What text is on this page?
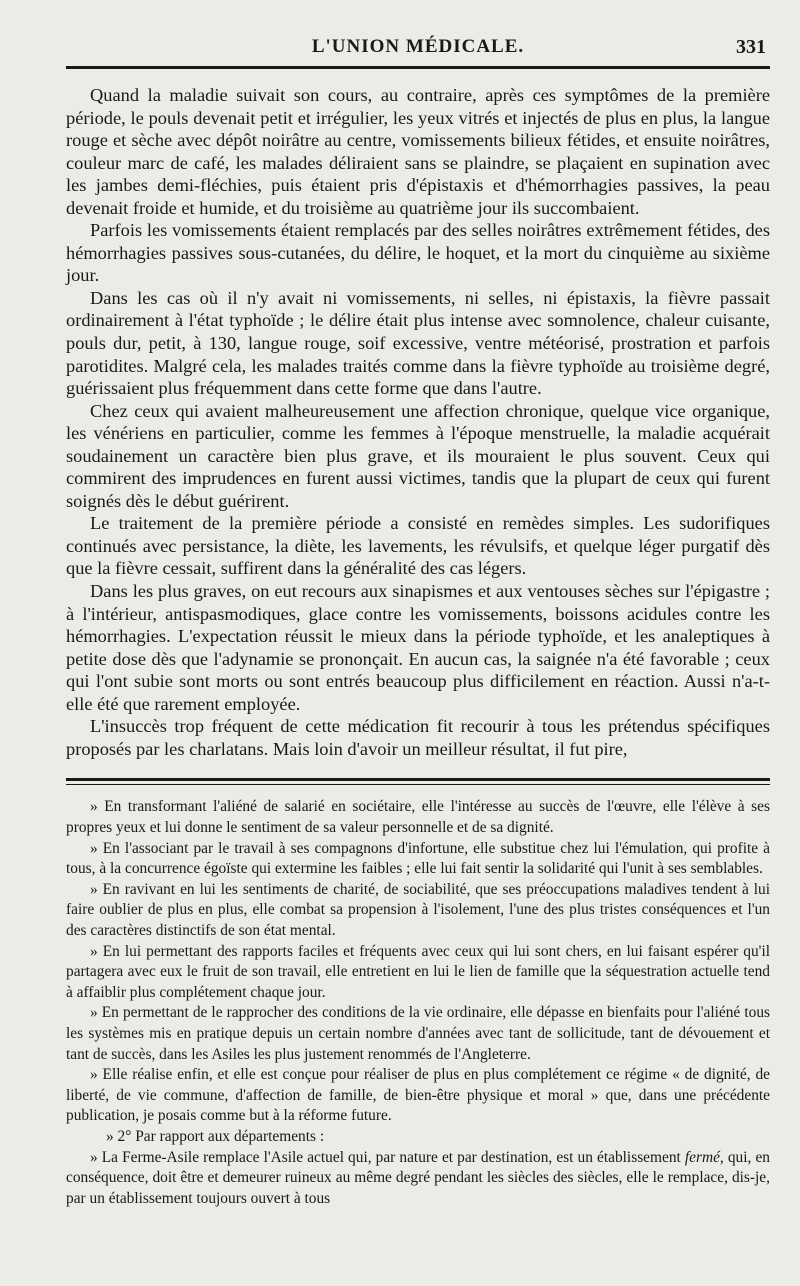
L'UNION MÉDICALE.	331

Quand la maladie suivait son cours, au contraire, après ces symptômes de la première période, le pouls devenait petit et irrégulier, les yeux vitrés et injectés de plus en plus, la langue rouge et sèche avec dépôt noirâtre au centre, vomissements bilieux fétides, et ensuite noirâtres, couleur marc de café, les malades déliraient sans se plaindre, se plaçaient en supination avec les jambes demi-fléchies, puis étaient pris d'épistaxis et d'hémorrhagies passives, la peau devenait froide et humide, et du troisième au quatrième jour ils succombaient.

Parfois les vomissements étaient remplacés par des selles noirâtres extrêmement fétides, des hémorrhagies passives sous-cutanées, du délire, le hoquet, et la mort du cinquième au sixième jour.

Dans les cas où il n'y avait ni vomissements, ni selles, ni épistaxis, la fièvre passait ordinairement à l'état typhoïde ; le délire était plus intense avec somnolence, chaleur cuisante, pouls dur, petit, à 130, langue rouge, soif excessive, ventre météorisé, prostration et parfois parotidites. Malgré cela, les malades traités comme dans la fièvre typhoïde au troisième degré, guérissaient plus fréquemment dans cette forme que dans l'autre.

Chez ceux qui avaient malheureusement une affection chronique, quelque vice organique, les vénériens en particulier, comme les femmes à l'époque menstruelle, la maladie acquérait soudainement un caractère bien plus grave, et ils mouraient le plus souvent. Ceux qui commirent des imprudences en furent aussi victimes, tandis que la plupart de ceux qui furent soignés dès le début guérirent.

Le traitement de la première période a consisté en remèdes simples. Les sudorifiques continués avec persistance, la diète, les lavements, les révulsifs, et quelque léger purgatif dès que la fièvre cessait, suffirent dans la généralité des cas légers.

Dans les plus graves, on eut recours aux sinapismes et aux ventouses sèches sur l'épigastre ; à l'intérieur, antispasmodiques, glace contre les vomissements, boissons acidules contre les hémorrhagies. L'expectation réussit le mieux dans la période typhoïde, et les analeptiques à petite dose dès que l'adynamie se prononçait. En aucun cas, la saignée n'a été favorable ; ceux qui l'ont subie sont morts ou sont entrés beaucoup plus difficilement en réaction. Aussi n'a-t-elle été que rarement employée.

L'insuccès trop fréquent de cette médication fit recourir à tous les prétendus spécifiques proposés par les charlatans. Mais loin d'avoir un meilleur résultat, il fut pire,

» En transformant l'aliéné de salarié en sociétaire, elle l'intéresse au succès de l'œuvre, elle l'élève à ses propres yeux et lui donne le sentiment de sa valeur personnelle et de sa dignité.

» En l'associant par le travail à ses compagnons d'infortune, elle substitue chez lui l'émulation, qui profite à tous, à la concurrence égoïste qui extermine les faibles ; elle lui fait sentir la solidarité qui l'unit à ses semblables.

» En ravivant en lui les sentiments de charité, de sociabilité, que ses préoccupations maladives tendent à lui faire oublier de plus en plus, elle combat sa propension à l'isolement, l'une des plus tristes conséquences et l'un des caractères distinctifs de son état mental.

» En lui permettant des rapports faciles et fréquents avec ceux qui lui sont chers, en lui faisant espérer qu'il partagera avec eux le fruit de son travail, elle entretient en lui le lien de famille que la séquestration actuelle tend à affaiblir plus complétement chaque jour.

» En permettant de le rapprocher des conditions de la vie ordinaire, elle dépasse en bienfaits pour l'aliéné tous les systèmes mis en pratique depuis un certain nombre d'années avec tant de sollicitude, tant de dévouement et tant de succès, dans les Asiles les plus justement renommés de l'Angleterre.

» Elle réalise enfin, et elle est conçue pour réaliser de plus en plus complétement ce régime « de dignité, de liberté, de vie commune, d'affection de famille, de bien-être physique et moral » que, dans une précédente publication, je posais comme but à la réforme future.

» 2° Par rapport aux départements :

» La Ferme-Asile remplace l'Asile actuel qui, par nature et par destination, est un établissement fermé, qui, en conséquence, doit être et demeurer ruineux au même degré pendant les siècles des siècles, elle le remplace, dis-je, par un établissement toujours ouvert à tous
